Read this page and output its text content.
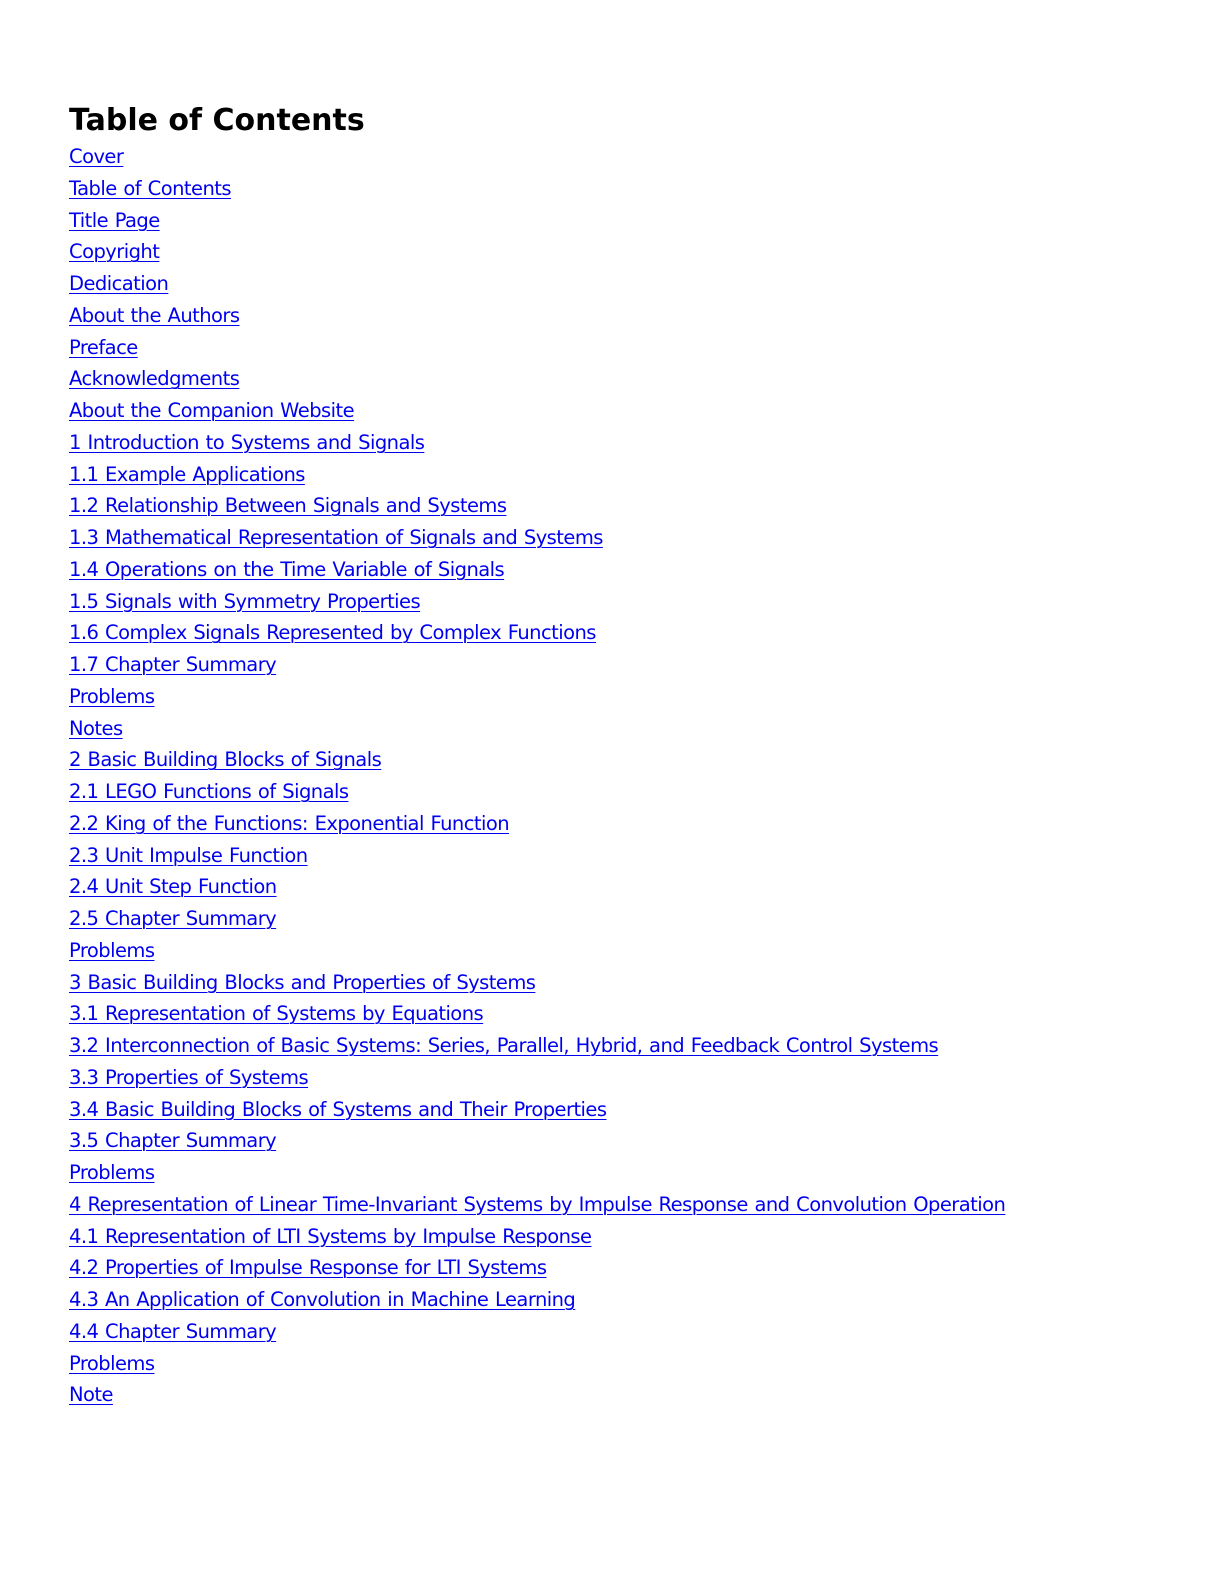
Table of Contents
Cover
Table of Contents
Title Page
Copyright
Dedication
About the Authors
Preface
Acknowledgments
About the Companion Website
1 Introduction to Systems and Signals
1.1 Example Applications
1.2 Relationship Between Signals and Systems
1.3 Mathematical Representation of Signals and Systems
1.4 Operations on the Time Variable of Signals
1.5 Signals with Symmetry Properties
1.6 Complex Signals Represented by Complex Functions
1.7 Chapter Summary
Problems
Notes
2 Basic Building Blocks of Signals
2.1 LEGO Functions of Signals
2.2 King of the Functions: Exponential Function
2.3 Unit Impulse Function
2.4 Unit Step Function
2.5 Chapter Summary
Problems
3 Basic Building Blocks and Properties of Systems
3.1 Representation of Systems by Equations
3.2 Interconnection of Basic Systems: Series, Parallel, Hybrid, and Feedback Control Systems
3.3 Properties of Systems
3.4 Basic Building Blocks of Systems and Their Properties
3.5 Chapter Summary
Problems
4 Representation of Linear Time-Invariant Systems by Impulse Response and Convolution Operation
4.1 Representation of LTI Systems by Impulse Response
4.2 Properties of Impulse Response for LTI Systems
4.3 An Application of Convolution in Machine Learning
4.4 Chapter Summary
Problems
Note
